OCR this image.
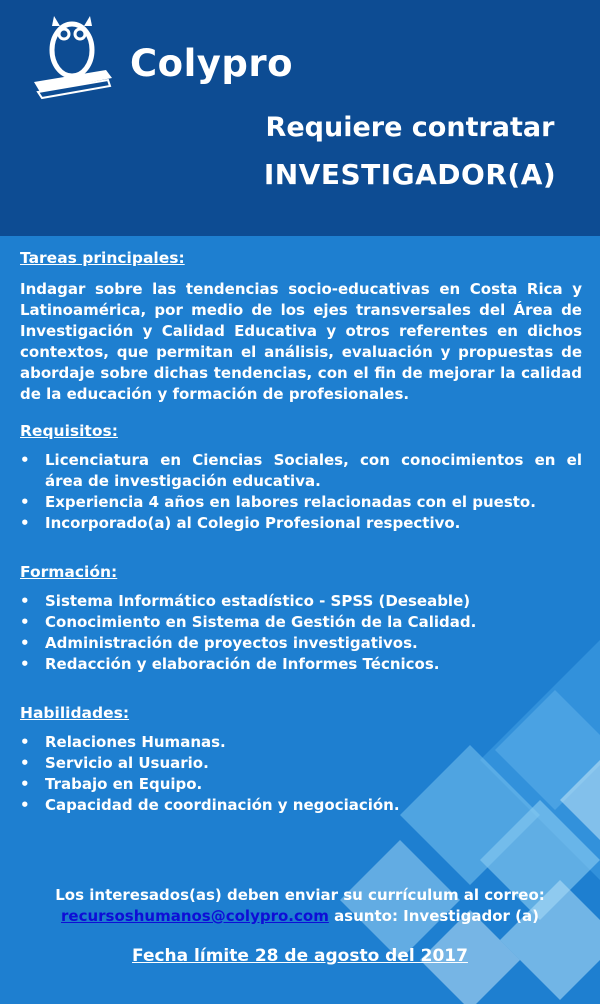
Colypro
Requiere contratar
INVESTIGADOR(A)

Tareas principales:

Indagar sobre las tendencias socio-educativas en Costa Rica y Latinoamérica, por medio de los ejes transversales del Área de Investigación y Calidad Educativa y otros referentes en dichos contextos, que permitan el análisis, evaluación y propuestas de abordaje sobre dichas tendencias, con el fin de mejorar la calidad de la educación y formación de profesionales.

Requisitos:

• Licenciatura en Ciencias Sociales, con conocimientos en el área de investigación educativa.
• Experiencia 4 años en labores relacionadas con el puesto.
• Incorporado(a) al Colegio Profesional respectivo.

Formación:

• Sistema Informático estadístico - SPSS (Deseable)
• Conocimiento en Sistema de Gestión de la Calidad.
• Administración de proyectos investigativos.
• Redacción y elaboración de Informes Técnicos.

Habilidades:

• Relaciones Humanas.
• Servicio al Usuario.
• Trabajo en Equipo.
• Capacidad de coordinación y negociación.
Los interesados(as) deben enviar su currículum al correo:
recursoshumanos@colypro.com asunto: Investigador (a)
Fecha límite 28 de agosto del 2017
